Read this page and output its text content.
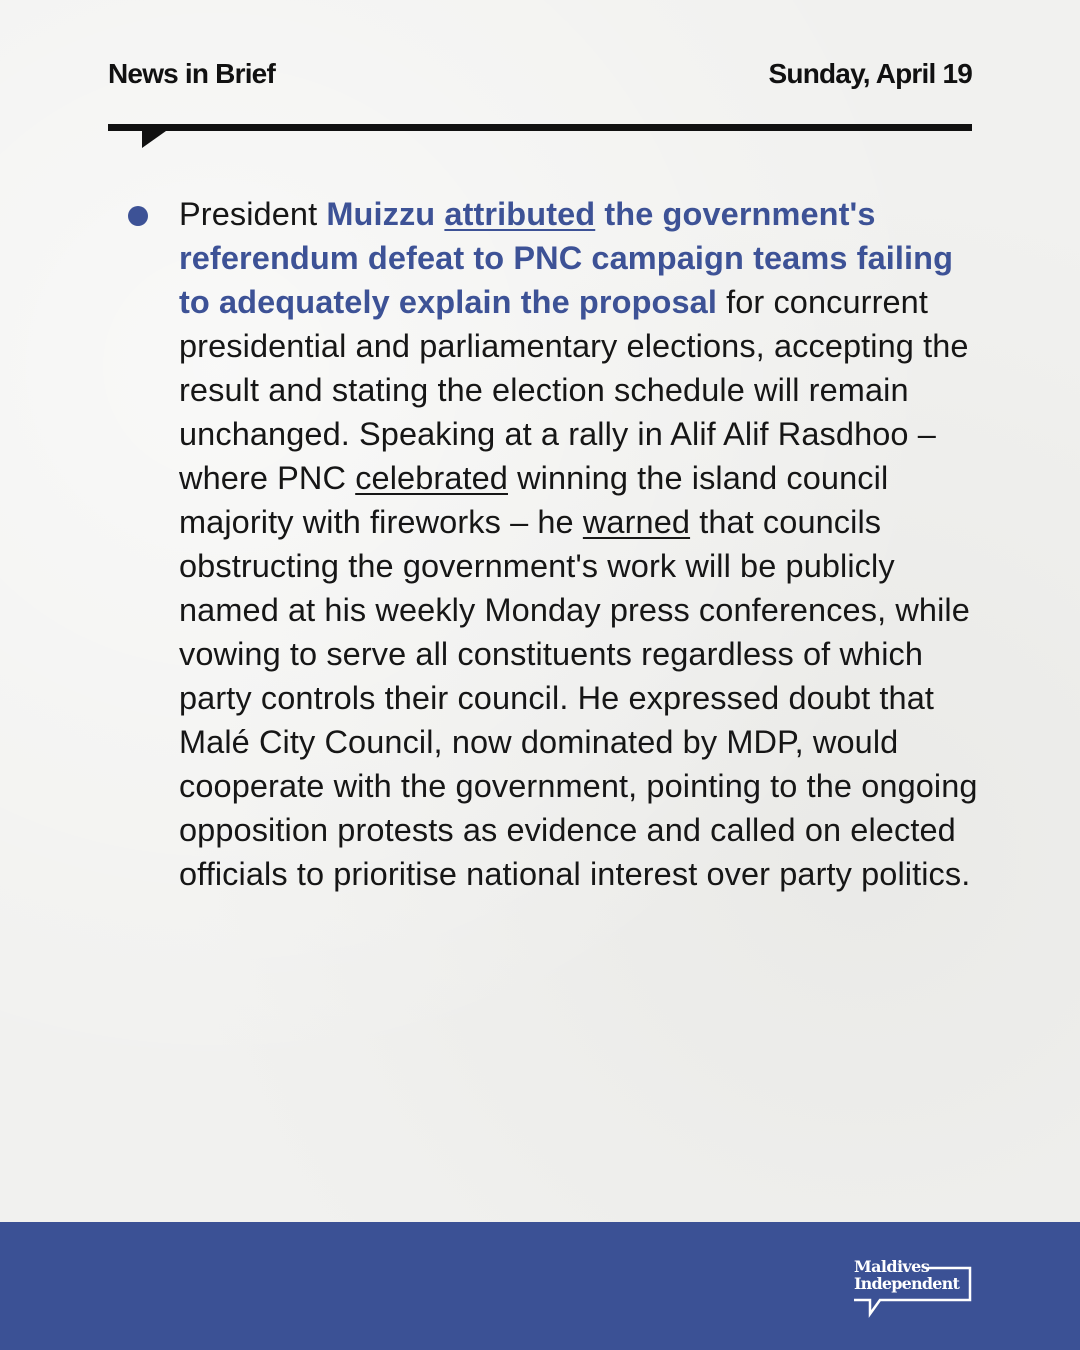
News in Brief	Sunday, April 19

President Muizzu attributed the government's referendum defeat to PNC campaign teams failing to adequately explain the proposal for concurrent presidential and parliamentary elections, accepting the result and stating the election schedule will remain unchanged. Speaking at a rally in Alif Alif Rasdhoo – where PNC celebrated winning the island council majority with fireworks – he warned that councils obstructing the government's work will be publicly named at his weekly Monday press conferences, while vowing to serve all constituents regardless of which party controls their council. He expressed doubt that Malé City Council, now dominated by MDP, would cooperate with the government, pointing to the ongoing opposition protests as evidence and called on elected officials to prioritise national interest over party politics.

Maldives
Independent
